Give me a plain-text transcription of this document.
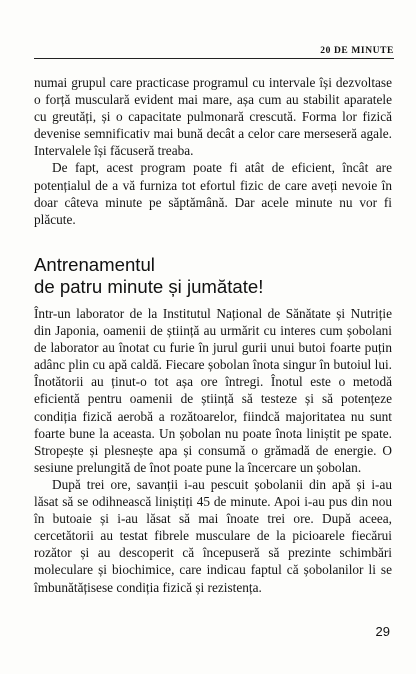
20 DE MINUTE

numai grupul care practicase programul cu intervale își dezvoltase o forță musculară evident mai mare, așa cum au stabilit aparatele cu greutăți, și o capacitate pulmonară crescută. Forma lor fizică devenise semnificativ mai bună decât a celor care merseseră agale. Intervalele își făcuseră treaba.

De fapt, acest program poate fi atât de eficient, încât are potențialul de a vă furniza tot efortul fizic de care aveți nevoie în doar câteva minute pe săptămână. Dar acele minute nu vor fi plăcute.

Antrenamentul
de patru minute și jumătate!

Într-un laborator de la Institutul Național de Sănătate și Nutriție din Japonia, oamenii de știință au urmărit cu interes cum șobolani de laborator au înotat cu furie în jurul gurii unui butoi foarte puțin adânc plin cu apă caldă. Fiecare șobolan înota singur în butoiul lui. Înotătorii au ținut-o tot așa ore întregi. Înotul este o metodă eficientă pentru oamenii de știință să testeze și să potențeze condiția fizică aerobă a rozătoarelor, fiindcă majoritatea nu sunt foarte bune la aceasta. Un șobolan nu poate înota liniștit pe spate. Stropește și plesnește apa și consumă o grămadă de energie. O sesiune prelungită de înot poate pune la încercare un șobolan.

După trei ore, savanții i-au pescuit șobolanii din apă și i-au lăsat să se odihnească liniștiți 45 de minute. Apoi i-au pus din nou în butoaie și i-au lăsat să mai înoate trei ore. După aceea, cercetătorii au testat fibrele musculare de la picioarele fiecărui rozător și au descoperit că începuseră să prezinte schimbări moleculare și biochimice, care indicau faptul că șobolanilor li se îmbunătățisese condiția fizică și rezistența.

29
